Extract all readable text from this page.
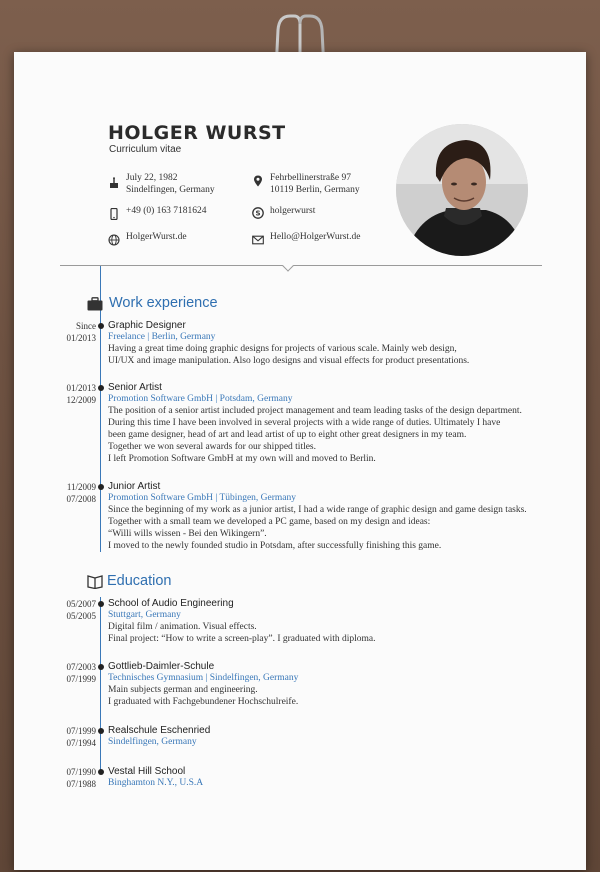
HOLGER WURST
Curriculum vitae
July 22, 1982
Sindelfingen, Germany
Fehrbellinerstraße 97
10119 Berlin, Germany
+49 (0) 163 7181624	S holgerwurst
HolgerWurst.de	Hello@HolgerWurst.de
Work experience
Since
01/2013
Graphic Designer
Freelance | Berlin, Germany
Having a great time doing graphic designs for projects of various scale. Mainly web design,
UI/UX and image manipulation. Also logo designs and visual effects for product presentations.
01/2013
12/2009
Senior Artist
Promotion Software GmbH | Potsdam, Germany
The position of a senior artist included project management and team leading tasks of the design department.
During this time I have been involved in several projects with a wide range of duties. Ultimately I have
been game designer, head of art and lead artist of up to eight other great designers in my team.
Together we won several awards for our shipped titles.
I left Promotion Software GmbH at my own will and moved to Berlin.
11/2009
07/2008
Junior Artist
Promotion Software GmbH | Tübingen, Germany
Since the beginning of my work as a junior artist, I had a wide range of graphic design and game design tasks.
Together with a small team we developed a PC game, based on my design and ideas:
“Willi wills wissen - Bei den Wikingern”.
I moved to the newly founded studio in Potsdam, after successfully finishing this game.
Education
05/2007
05/2005
School of Audio Engineering
Stuttgart, Germany
Digital film / animation. Visual effects.
Final project: “How to write a screen-play”. I graduated with diploma.
07/2003
07/1999
Gottlieb-Daimler-Schule
Technisches Gymnasium | Sindelfingen, Germany
Main subjects german and engineering.
I graduated with Fachgebundener Hochschulreife.
07/1999
07/1994
Realschule Eschenried
Sindelfingen, Germany
07/1990
07/1988
Vestal Hill School
Binghamton N.Y., U.S.A
